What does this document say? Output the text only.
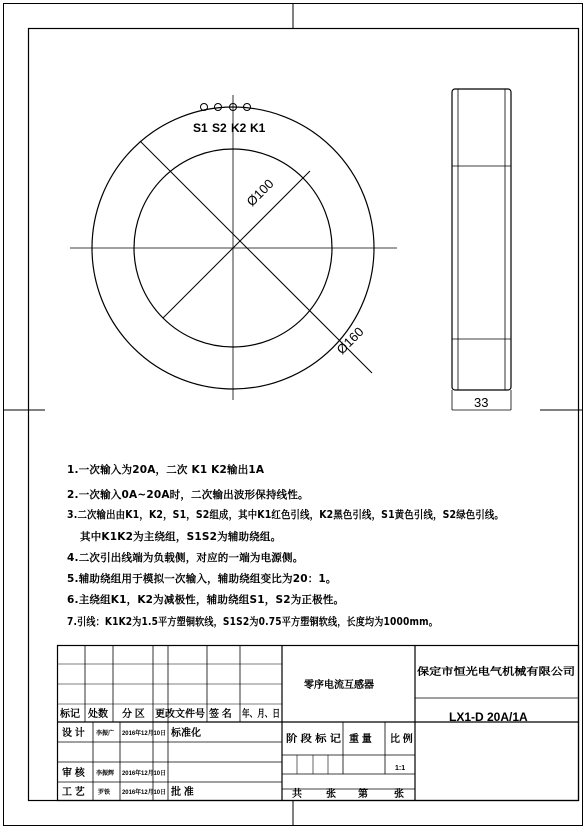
S1 S2 K2 K1
Ø100
Ø160
33
1.一次输入为20A，二次 K1 K2输出1A
2.一次输入0A~20A时，二次输出波形保持线性。
3.二次输出由K1，K2，S1，S2组成，其中K1红色引线，K2黑色引线，S1黄色引线，S2绿色引线。
其中K1K2为主绕组，S1S2为辅助绕组。
4.二次引出线端为负载侧，对应的一端为电源侧。
5.辅助绕组用于模拟一次输入，辅助绕组变比为20：1。
6.主绕组K1，K2为减极性，辅助绕组S1，S2为正极性。
7.引线：K1K2为1.5平方塑铜软线，S1S2为0.75平方塑铜软线，长度均为1000mm。
零序电流互感器
保定市恒光电气机械有限公司
LX1-D 20A/1A
标记 处数 分 区 更改文件号 签 名 年、月、日
设 计 李振广 2016年12月10日 标准化
审 核 李振辉 2016年12月10日
工 艺 罗铁 2016年12月10日 批 准
阶 段 标 记	重 量 比 例
1:1
共 张 第	张
